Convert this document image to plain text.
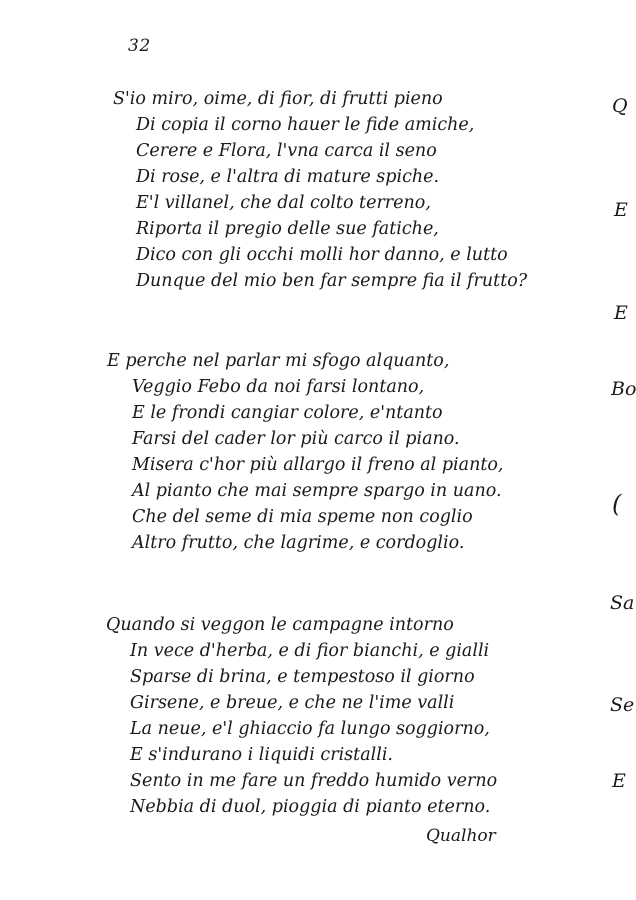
32
S'io miro, oime, di fior, di frutti pieno
Di copia il corno hauer le fide amiche,
Cerere e Flora, l'vna carca il seno
Di rose, e l'altra di mature spiche.
E'l villanel, che dal colto terreno,
Riporta il pregio delle sue fatiche,
Dico con gli occhi molli hor danno, e lutto
Dunque del mio ben far sempre fia il frutto?
E perche nel parlar mi sfogo alquanto,
Veggio Febo da noi farsi lontano,
E le frondi cangiar colore, e'ntanto
Farsi del cader lor più carco il piano.
Misera c'hor più allargo il freno al pianto,
Al pianto che mai sempre spargo in uano.
Che del seme di mia speme non coglio
Altro frutto, che lagrime, e cordoglio.
Quando si veggon le campagne intorno
In vece d'herba, e di fior bianchi, e gialli
Sparse di brina, e tempestoso il giorno
Girsene, e breue, e che ne l'ime valli
La neue, e'l ghiaccio fa lungo soggiorno,
E s'indurano i liquidi cristalli.
Sento in me fare un freddo humido verno
Nebbia di duol, pioggia di pianto eterno.
Qualhor
Q
E
E
Bo
(
Sa
Se
E
